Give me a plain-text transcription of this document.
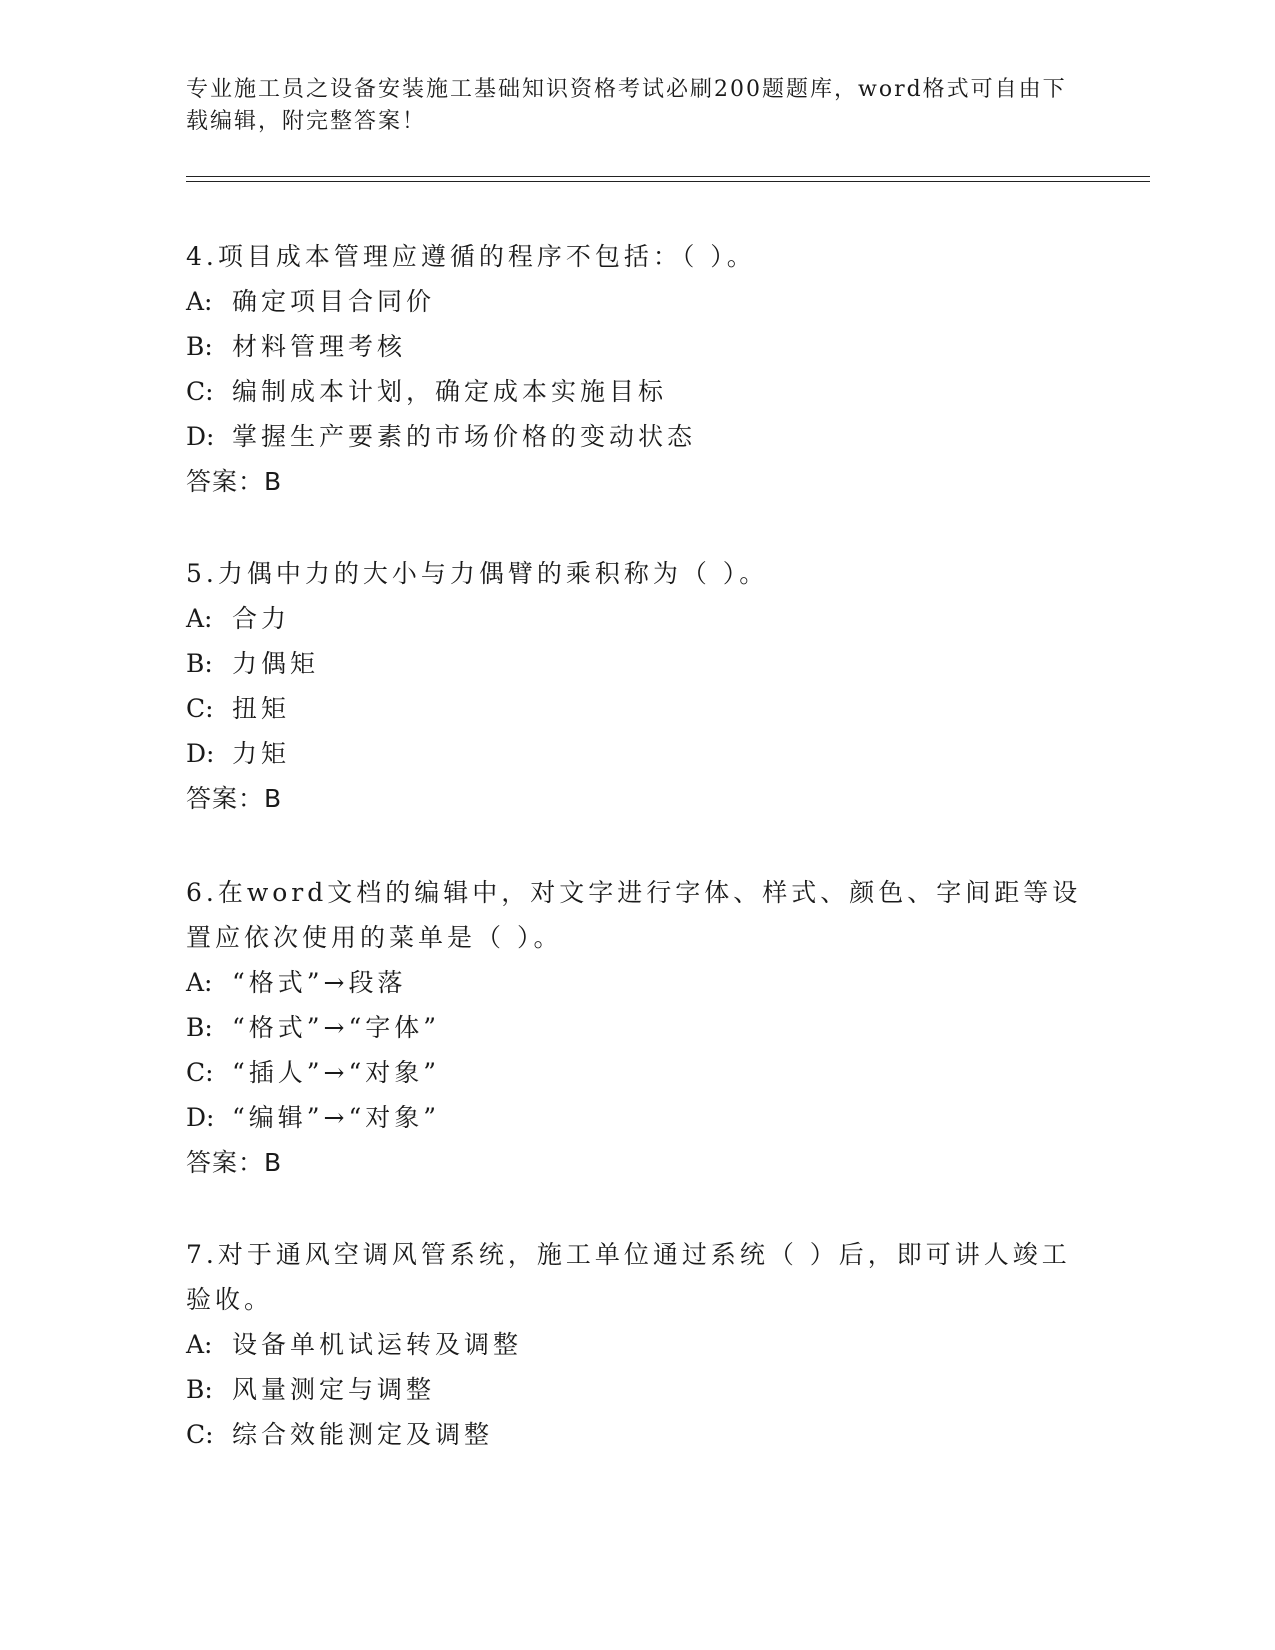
专业施工员之设备安装施工基础知识资格考试必刷200题题库，word格式可自由下载编辑，附完整答案！

4.项目成本管理应遵循的程序不包括：（ ）。

A: 确定项目合同价

B: 材料管理考核

C: 编制成本计划，确定成本实施目标

D: 掌握生产要素的市场价格的变动状态

答案：B

5.力偶中力的大小与力偶臂的乘积称为（ ）。

A: 合力

B: 力偶矩

C: 扭矩

D: 力矩

答案：B

6.在word文档的编辑中，对文字进行字体、样式、颜色、字间距等设置应依次使用的菜单是（ ）。

A: “格式”→段落

B: “格式”→“字体”

C: “插人”→“对象”

D: “编辑”→“对象”

答案：B

7.对于通风空调风管系统，施工单位通过系统（ ）后，即可讲人竣工验收。

A: 设备单机试运转及调整

B: 风量测定与调整

C: 综合效能测定及调整
